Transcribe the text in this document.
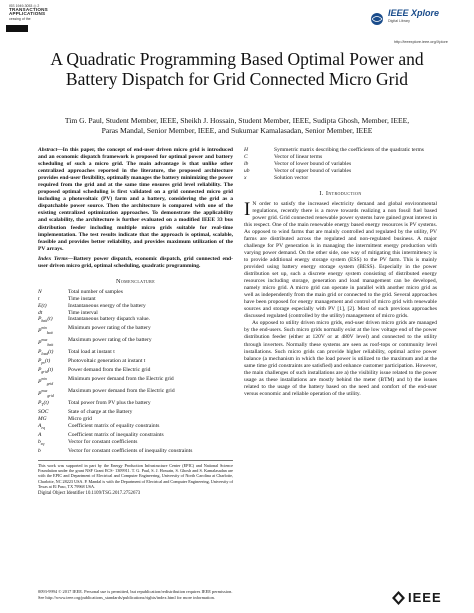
ISS 1949-3053 ◎ 2
TRANSACTIONS
APPLICATIONS
cessing of the
IEEE Xplore
Digital Library
http://ieeexplore.ieee.org/Xplore
A Quadratic Programming Based Optimal Power and Battery Dispatch for Grid Connected Micro Grid
Tim G. Paul, Student Member, IEEE, Sheikh J. Hossain, Student Member, IEEE, Sudipta Ghosh, Member, IEEE,
Paras Mandal, Senior Member, IEEE, and Sukumar Kamalasadan, Senior Member, IEEE
Abstract—In this paper, the concept of end-user driven micro grid is introduced and an economic dispatch framework is proposed for optimal power and battery scheduling of such a micro grid. The main advantage is that unlike other centralized approaches reported in the literature, the proposed architecture provides end-user flexibility, optimally manages the battery minimizing the power required from the grid and at the same time ensures grid level reliability. The proposed optimal scheduling is first validated on a grid connected micro grid including a photovoltaic (PV) farm and a battery, considering the grid as a dispatchable power source. Then the architecture is compared with one of the existing centralized optimization approaches. To demonstrate the applicability and scalability, the architecture is further evaluated on a modified IEEE 33 bus distribution feeder including multiple micro grids suitable for real-time implementation. The test results indicate that the approach is optimal, scalable, feasible and provides better reliability, and provides maximum utilization of the PV arrays.
Index Terms—Battery power dispatch, economic dispatch, grid connected end-user driven micro grid, optimal scheduling, quadratic programming.
Nomenclature
N	Total number of samples
t	Time instant
E(t)	Instantaneous energy of the battery
dt	Time interval
$P_{batt}(t)$	Instantaneous battery dispatch value.
$P^{min}_{batt}$	Minimum power rating of the battery
$P^{max}_{batt}$	Maximum power rating of the battery
$P_{load}(t)$	Total load at instant t
$P_{pv}(t)$	Photovoltaic generation at instant t
$P_{grid}(t)$	Power demand from the Electric grid
$P^{min}_{grid}$	Minimum power demand from the Electric grid
$P^{max}_{grid}$	Maximum power demand from the Electric grid
$P_T(t)$	Total power from PV plus the battery
SOC	State of charge at the Battery
MG	Micro grid
$A_{eq}$	Coefficient matrix of equality constraints
A	Coefficient matrix of inequality constraints
$b_{eq}$	Vector for constant coefficients
b	Vector for constant coefficients of inequality constraints
This work was supported in part by the Energy Production Infrastructure Center (EPIC) and National Science Foundation under the grant NSF Grant ECS- 1309911. T. G. Paul, S. J. Hossain, S. Ghosh and S. Kamalasadan are with the EPIC and Department of Electrical and Computer Engineering, University of North Carolina at Charlotte, Charlotte, NC 28223 USA. P. Mandal is with the Department of Electrical and Computer Engineering, University of Texas at El Paso, TX 79968 USA.
Digital Object Identifier 10.1109/TSG.2017.2752673
H	Symmetric matrix describing the coefficients of the quadratic terms
C	Vector of linear terms
lb	Vector of lower bound of variables
ub	Vector of upper bound of variables
x	Solution vector
I. Introduction

I N order to satisfy the increased electricity demand and global environmental regulations, recently there is a move towards realizing a non fossil fuel based power grid. Grid connected renewable power systems have gained great interest in this respect. One of the main renewable energy based energy resources is PV systems. As opposed to wind farms that are mainly controlled and regulated by the utility, PV farms are distributed across the regulated and non-regulated business. A major challenge for PV generation is in managing the intermittent energy production with varying power demand. On the other side, one way of mitigating this intermittency is to provide additional energy storage system (ESS) to the PV farm. This is mainly provided using battery energy storage system (BESS). Especially in the power distribution set up, such a discrete energy system consisting of distributed energy resources including storage, generation and load management can be developed, namely micro grid. A micro grid can operate in parallel with another micro grid as well as independently from the main grid or connected to the grid. Several approaches have been proposed for energy management and control of micro grid with renewable sources and storage especially with PV [1], [2]. Most of such previous approaches discussed regulated (controlled by the utility) management of micro grids.

As opposed to utility driven micro grids, end-user driven micro grids are managed by the end-users. Such micro grids normally exist at the low voltage end of the power distribution feeder (either at 120V or at 480V level) and connected to the utility through inverters. Normally these systems are seen as roof-tops or community level installations. Such micro grids can provide higher reliability, optimal active power balance (a mechanism in which the load power is utilized to the maximum and at the same time grid constraints are satisfied) and enhance customer participation. However, the main challenges of such installations are a) the visibility issue related to the power usage as these installations are mostly behind the meter (BTM) and b) the issues related to the usage of the battery based on the need and comfort of the end-user versus economic and reliable operation of the utility.

0093-9994 © 2017 IEEE. Personal use is permitted, but republication/redistribution requires IEEE permission.
See http://www.ieee.org/publications_standards/publications/rights/index.html for more information.	IEEE
